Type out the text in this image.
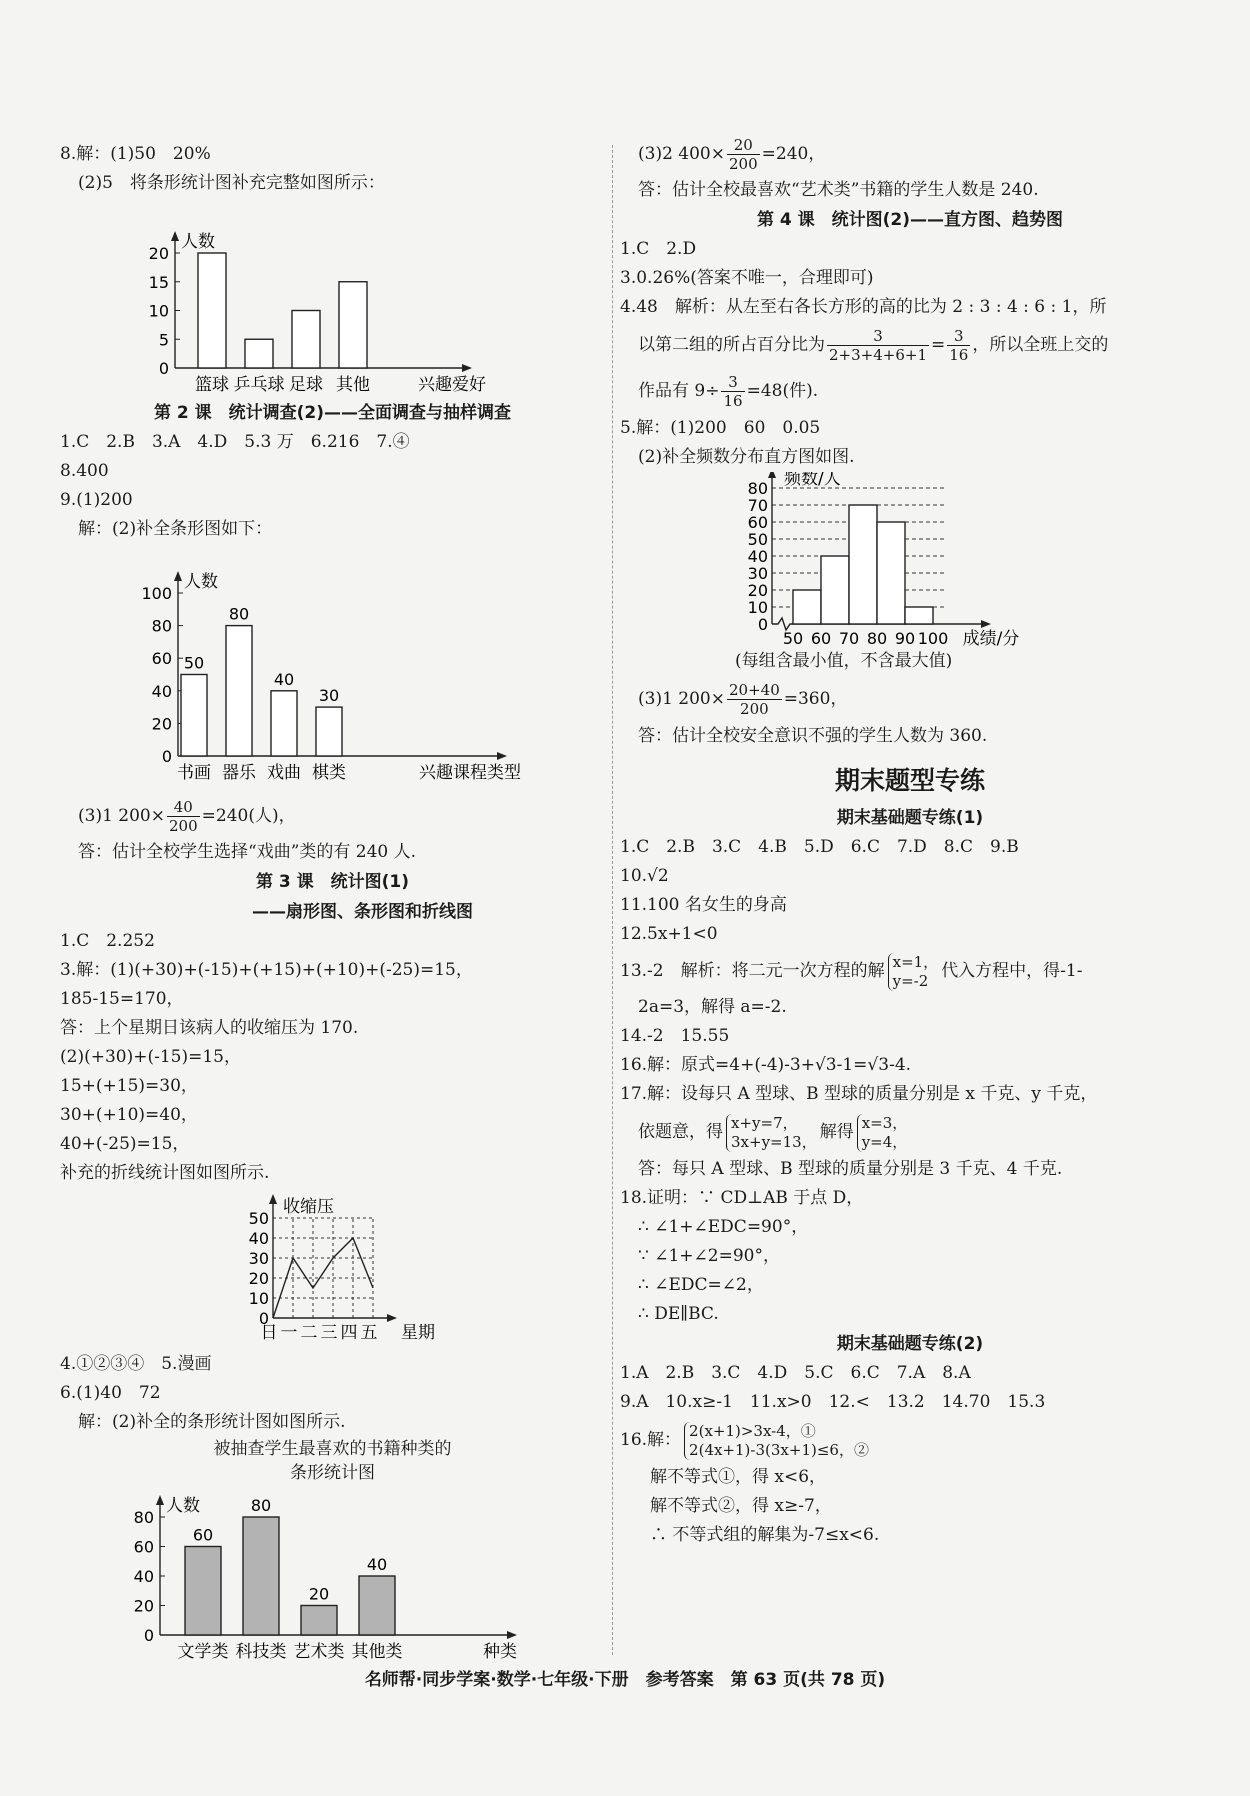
8.解：(1)50　20%
(2)5　将条形统计图补充完整如图所示：
人数
0
5
10
15
20
篮球 乒乓球 足球 其他	兴趣爱好
第 2 课　统计调查(2)——全面调查与抽样调查
1.C　2.B　3.A　4.D　5.3 万　6.216　7.④
8.400
9.(1)200
解：(2)补全条形图如下：
人数
0
20
40
60
80
100
50
80
40
30
书画 器乐 戏曲 棋类	兴趣课程类型
(3)1 $200\times \frac{40}{200} =240$(人)，
答：估计全校学生选择“戏曲”类的有 240 人.
第 3 课　统计图(1)
——扇形图、条形图和折线图
1.C　2.252
3.解：(1)(+30)+(-15)+(+15)+(+10)+(-25)=15，
185-15=170，
答：上个星期日该病人的收缩压为 170.
(2)(+30)+(-15)=15，
15+(+15)=30，
30+(+10)=40，
40+(-25)=15，
补充的折线统计图如图所示.
收缩压
0
10
20
30
40
50
日 一 二 三 四 五 星期
4.①②③④　5.漫画
6.(1)40　72
解：(2)补全的条形统计图如图所示.
被抽查学生最喜欢的书籍种类的
条形统计图
人数
0
20
40
60
80
60
80
20
40
文学类 科技类 艺术类 其他类	种类
(3)2 $400\times \frac{20}{200} =240$，
答：估计全校最喜欢“艺术类”书籍的学生人数是 240.
第 4 课　统计图(2)——直方图、趋势图
1.C　2.D
3.0.26%(答案不唯一，合理即可)
4.48　解析：从左至右各长方形的高的比为 2 : 3 : 4 : 6 : 1，所
以第二组的所占百分比为 $\frac{3}{2+3+4+6+1} = \frac{3}{16}$ ，所以全班上交的
作品有 $9\div \frac{3}{16} =48$(件).
5.解：(1)200　60　0.05
(2)补全频数分布直方图如图.
0
10
20
30
40
50
60
70
80 频数/人
50 60 70 80 90 100 成绩/分
(每组含最小值，不含最大值)
(3)1 $200\times \frac{20+40}{200} =360$，
答：估计全校安全意识不强的学生人数为 360.
期末题型专练
期末基础题专练(1)
1.C　2.B　3.C　4.B　5.D　6.C　7.D　8.C　9.B
10.√2
11.100 名女生的身高
12.5x+1<0
13.-2　解析：将二元一次方程的解 x=1，
y=-2 代入方程中，得-1-
2a=3，解得 a=-2.
14.-2　15.55
16.解：原式=4+(-4)-3+√3-1=√3-4.
17.解：设每只 A 型球、B 型球的质量分别是 x 千克、y 千克，
依题意，得 x+y=7，
3x+y=13， 解得 x=3，
y=4，
答：每只 A 型球、B 型球的质量分别是 3 千克、4 千克.
18.证明：∵ CD⊥AB 于点 D，
∴ ∠1+∠EDC=90°，
∵ ∠1+∠2=90°，
∴ ∠EDC=∠2，
∴ DE∥BC.
期末基础题专练(2)
1.A　2.B　3.C　4.D　5.C　6.C　7.A　8.A
9.A　10.x≥-1　11.x>0　12.<　13.2　14.70　15.3
16.解： 2(x+1)>3x-4，①
2(4x+1)-3(3x+1)≤6，②
解不等式①，得 x<6，
解不等式②，得 x≥-7，
∴ 不等式组的解集为-7≤x<6.
名师帮·同步学案·数学·七年级·下册　参考答案　第 63 页(共 78 页)
